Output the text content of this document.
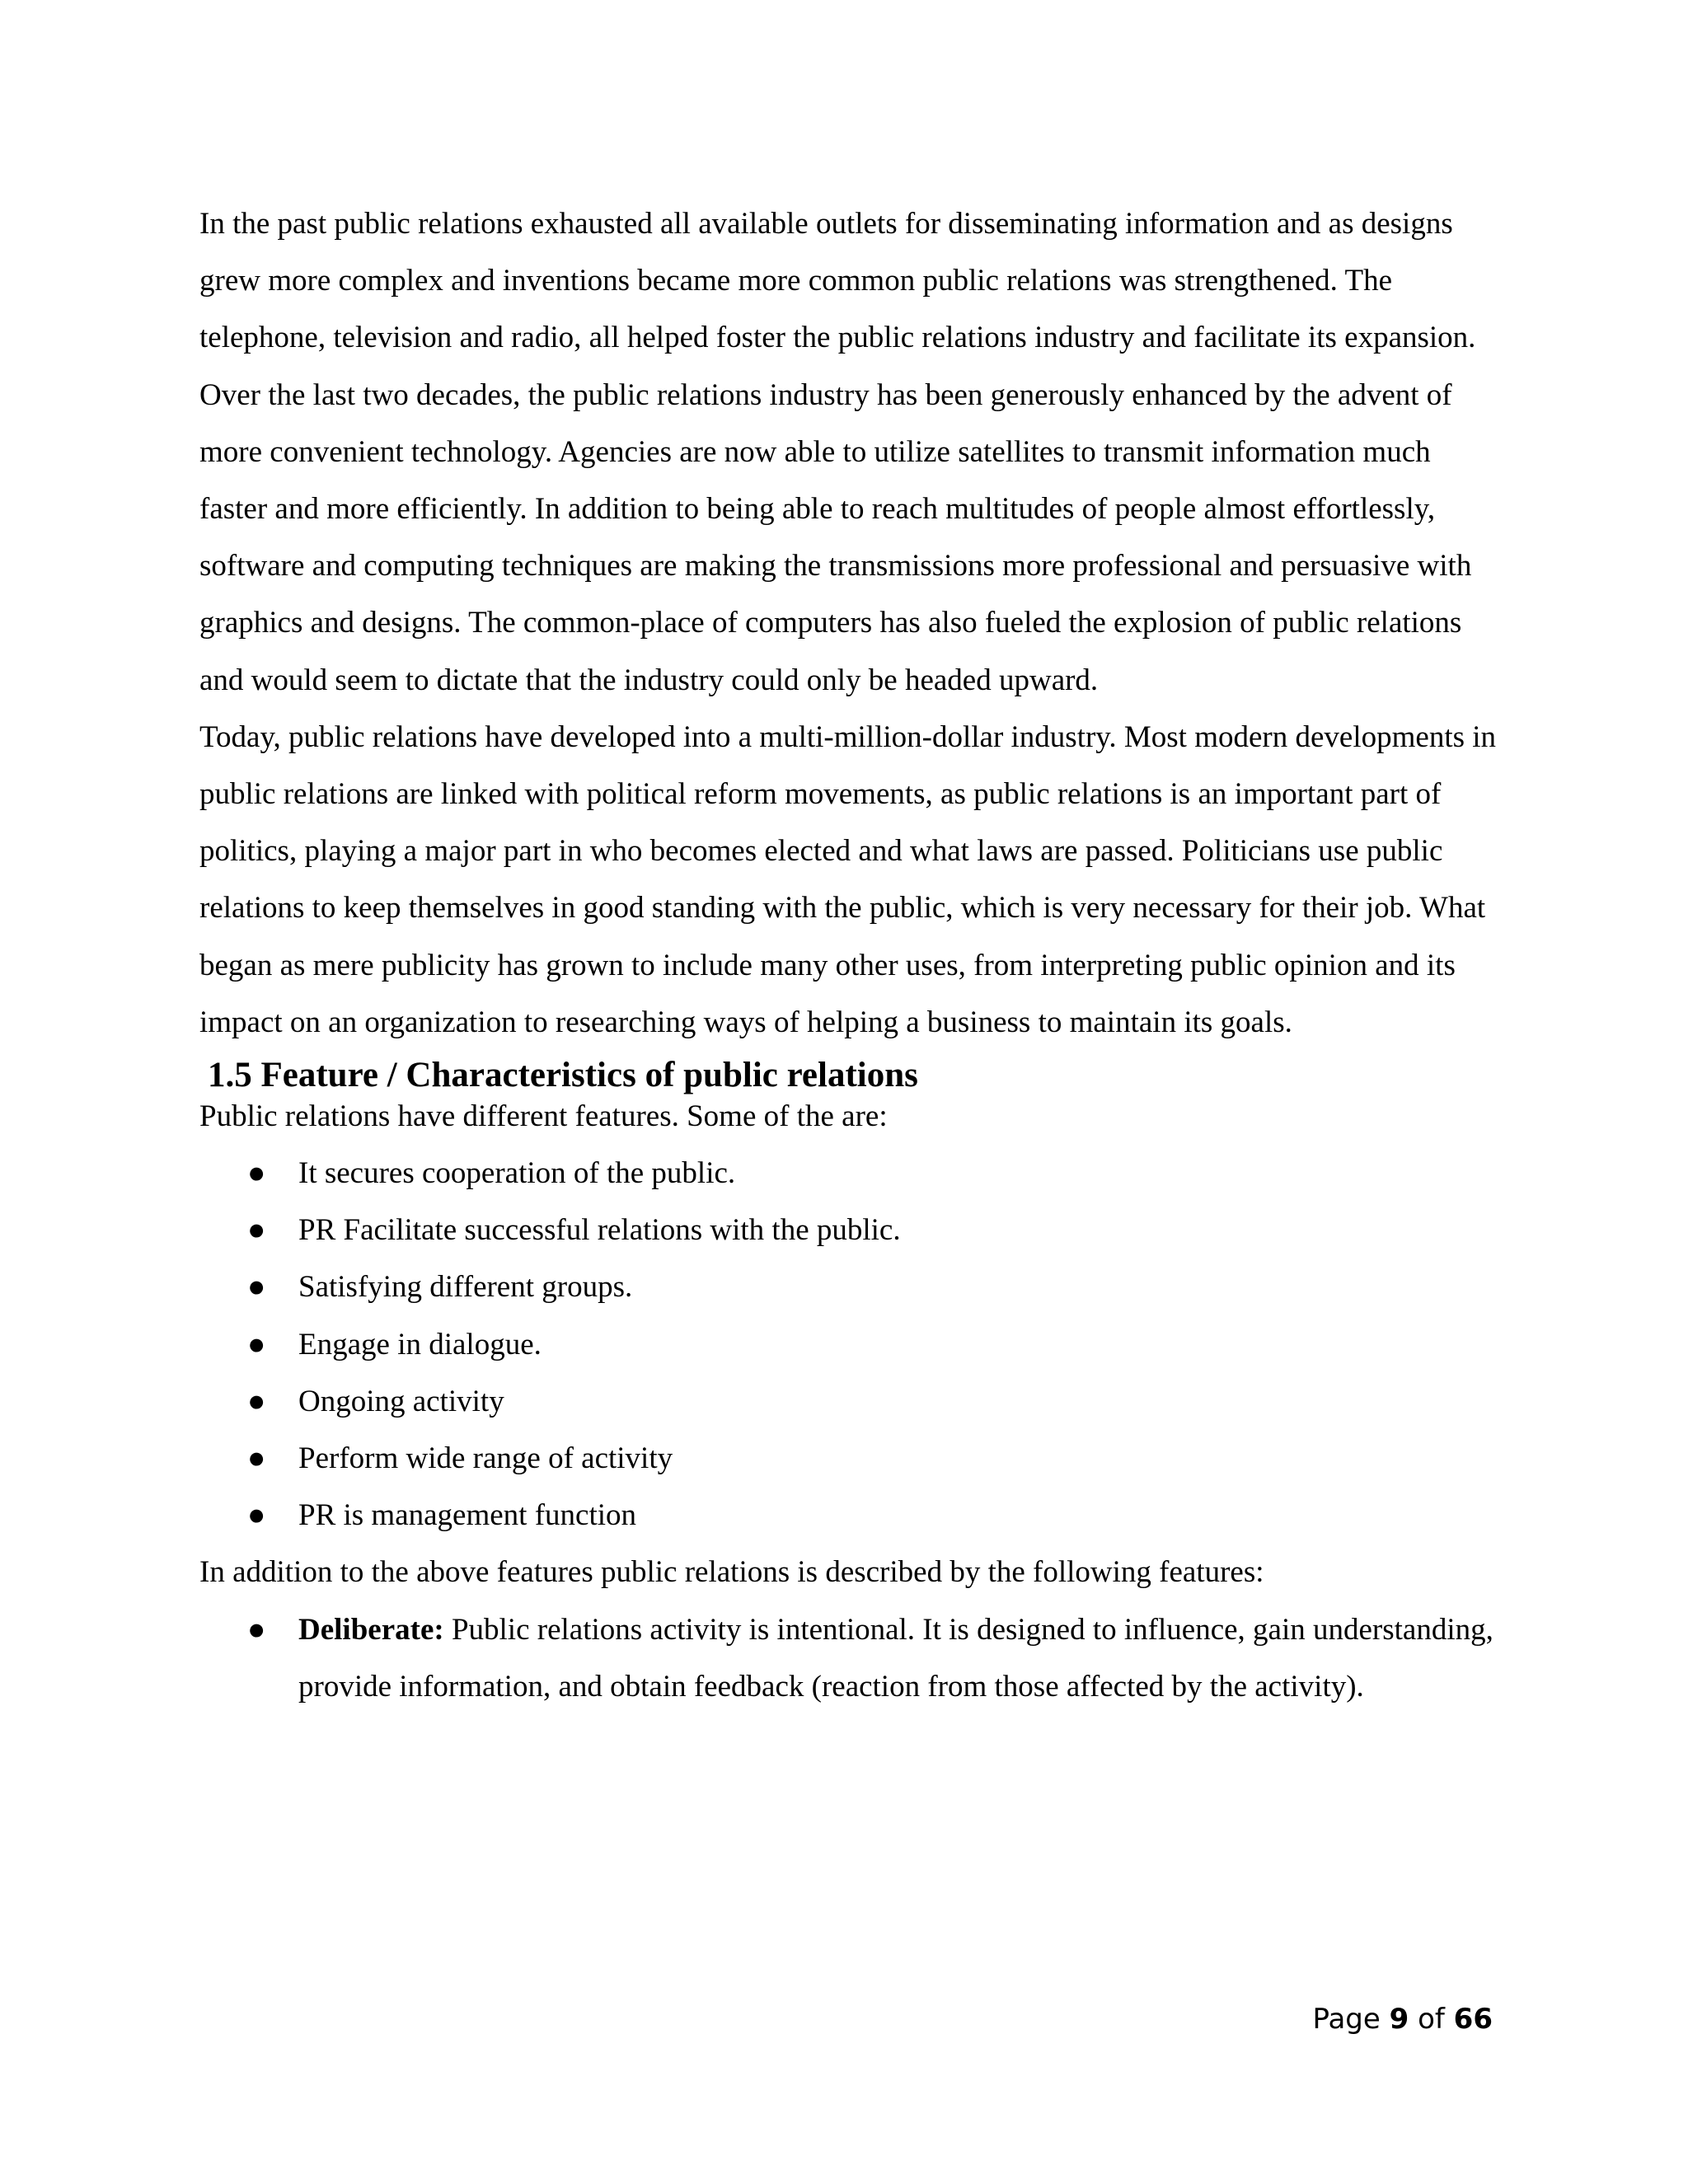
In the past public relations exhausted all available outlets for disseminating information and as designs grew more complex and inventions became more common public relations was strengthened. The telephone, television and radio, all helped foster the public relations industry and facilitate its expansion.

Over the last two decades, the public relations industry has been generously enhanced by the advent of more convenient technology. Agencies are now able to utilize satellites to transmit information much faster and more efficiently. In addition to being able to reach multitudes of people almost effortlessly, software and computing techniques are making the transmissions more professional and persuasive with graphics and designs. The common-place of computers has also fueled the explosion of public relations and would seem to dictate that the industry could only be headed upward.

Today, public relations have developed into a multi-million-dollar industry. Most modern developments in public relations are linked with political reform movements, as public relations is an important part of politics, playing a major part in who becomes elected and what laws are passed. Politicians use public relations to keep themselves in good standing with the public, which is very necessary for their job. What began as mere publicity has grown to include many other uses, from interpreting public opinion and its impact on an organization to researching ways of helping a business to maintain its goals.

1.5 Feature / Characteristics of public relations

Public relations have different features. Some of the are:

● It secures cooperation of the public.
● PR Facilitate successful relations with the public.
● Satisfying different groups.
● Engage in dialogue.
● Ongoing activity
● Perform wide range of activity
● PR is management function

In addition to the above features public relations is described by the following features:

● Deliberate: Public relations activity is intentional. It is designed to influence, gain understanding, provide information, and obtain feedback (reaction from those affected by the activity).
Page 9 of 66
